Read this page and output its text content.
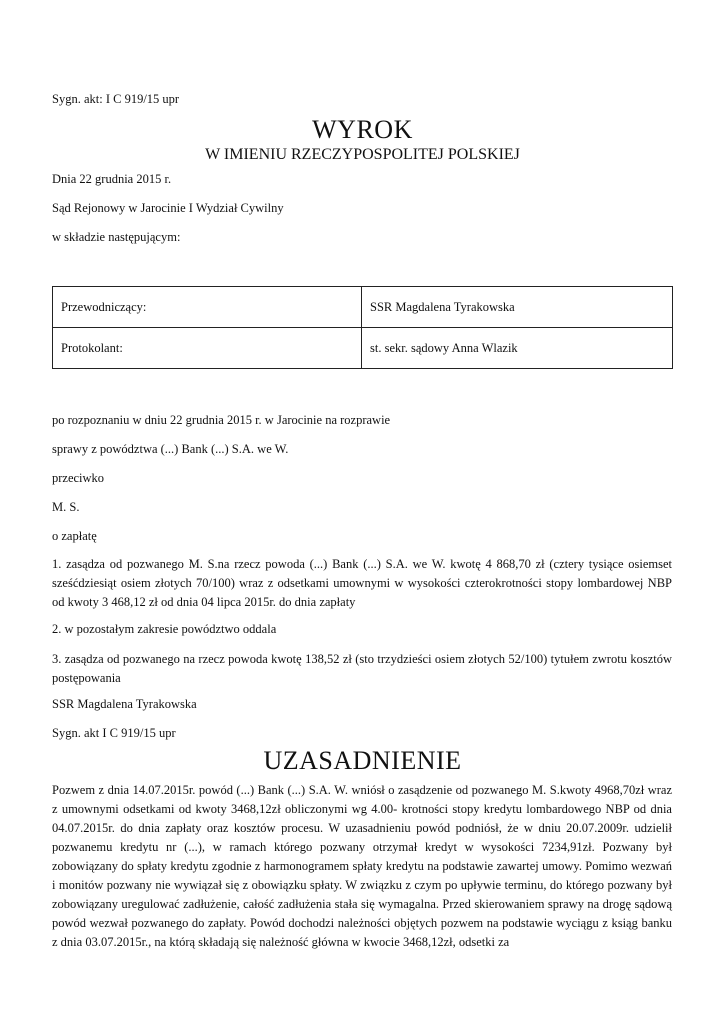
Sygn. akt: I C 919/15 upr
WYROK
W IMIENIU RZECZYPOSPOLITEJ POLSKIEJ
Dnia 22 grudnia 2015 r.
Sąd Rejonowy w Jarocinie I Wydział Cywilny
w składzie następującym:
Przewodniczący:	SSR Magdalena Tyrakowska
Protokolant:	st. sekr. sądowy Anna Wlazik
po rozpoznaniu w dniu 22 grudnia 2015 r. w Jarocinie na rozprawie
sprawy z powództwa (...) Bank (...) S.A. we W.
przeciwko
M. S.
o zapłatę
1. zasądza od pozwanego M. S.na rzecz powoda (...) Bank (...) S.A. we W. kwotę 4 868,70 zł (cztery tysiące osiemset sześćdziesiąt osiem złotych 70/100) wraz z odsetkami umownymi w wysokości czterokrotności stopy lombardowej NBP od kwoty 3 468,12 zł od dnia 04 lipca 2015r. do dnia zapłaty
2. w pozostałym zakresie powództwo oddala
3. zasądza od pozwanego na rzecz powoda kwotę 138,52 zł (sto trzydzieści osiem złotych 52/100) tytułem zwrotu kosztów postępowania
SSR Magdalena Tyrakowska
Sygn. akt I C 919/15 upr
UZASADNIENIE
Pozwem z dnia 14.07.2015r. powód (...) Bank (...) S.A. W. wniósł o zasądzenie od pozwanego M. S.kwoty 4968,70zł wraz z umownymi odsetkami od kwoty 3468,12zł obliczonymi wg 4.00- krotności stopy kredytu lombardowego NBP od dnia 04.07.2015r. do dnia zapłaty oraz kosztów procesu. W uzasadnieniu powód podniósł, że w dniu 20.07.2009r. udzielił pozwanemu kredytu nr (...), w ramach którego pozwany otrzymał kredyt w wysokości 7234,91zł. Pozwany był zobowiązany do spłaty kredytu zgodnie z harmonogramem spłaty kredytu na podstawie zawartej umowy. Pomimo wezwań i monitów pozwany nie wywiązał się z obowiązku spłaty. W związku z czym po upływie terminu, do którego pozwany był zobowiązany uregulować zadłużenie, całość zadłużenia stała się wymagalna. Przed skierowaniem sprawy na drogę sądową powód wezwał pozwanego do zapłaty. Powód dochodzi należności objętych pozwem na podstawie wyciągu z ksiąg banku z dnia 03.07.2015r., na którą składają się należność główna w kwocie 3468,12zł, odsetki za
